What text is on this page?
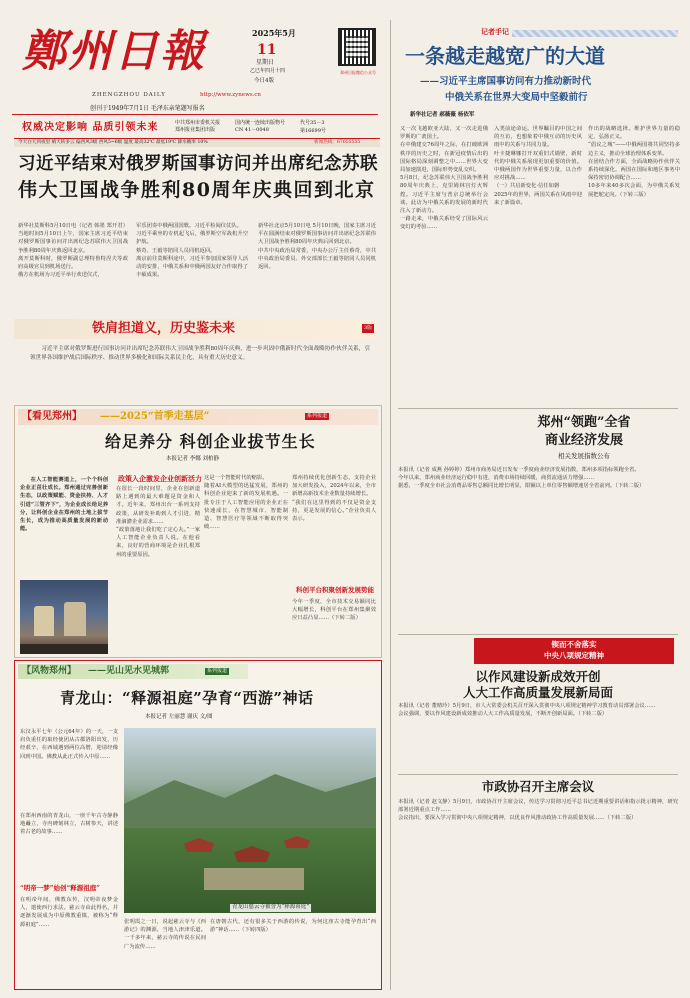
鄭州日報
ZHENGZHOU DAILY	http://www.zynews.cn
2025年5月
11
星期日
乙巳年四月十四
今日4版
郑州日报微信公众号
创刊于1949年7月1日 毛泽东亲笔题写报名
权威决定影响 品质引领未来	中共郑州市委机关报
郑州报业集团出版
国内统一连续出版物号
CN 41－0048
代号35－3
第16699号
今天白天到夜里 晴天转多云 偏西风3级 西风5~6级 温度 最高32℃ 最低19℃ 降水概率 10%	新闻热线：67655555
习近平结束对俄罗斯国事访问并出席纪念苏联
伟大卫国战争胜利80周年庆典回到北京
新华社莫斯科5月10日电（记者 韩墨 郑开君）当地时间5月10日上午，国家主席习近平结束对俄罗斯国事访问并出席纪念苏联伟大卫国战争胜利80周年庆典返回北京。
离开莫斯科时，俄罗斯副总理特鲁特涅夫等政府高级官员到机场送行。
俄方在机场为习近平举行欢送仪式，
军乐团奏中俄两国国歌。习近平检阅仪仗队。
习近平乘坐的专机起飞后，俄罗斯空军战机升空护航。
蔡奇、王毅等陪同人员同机返回。
离京前往莫斯科途中，习近平参加国家领导人活动的安排，中俄关系和中俄两国友好合作取得了丰硕成果。
新华社北京5月10日电 5月10日晚，国家主席习近平在圆满结束对俄罗斯国事访问并出席纪念苏联伟大卫国战争胜利80周年庆典后回到北京。
中共中央政治局常委、中央办公厅主任蔡奇，中共中央政治局委员、外交部部长王毅等陪同人员同机返回。
铁肩担道义，历史鉴未来	3版
习近平主席对俄罗斯进行国事访问并出席纪念苏联伟大卫国战争胜利80周年庆典，进一步巩固中俄新时代全面战略协作伙伴关系，引领世界各国维护战后国际秩序、推动世界多极化和国际关系民主化，具有重大历史意义。
记者手记
一条越走越宽广的大道
——习近平主席国事访问有力推动新时代
中俄关系在世界大变局中坚毅前行
新华社记者 郝薇薇 杨依军
又一次飞越欧亚大陆，又一次走进俄罗斯的广袤国土。
在中俄建交76周年之际，在打破欧洲秩序的历史之时，在新冠疫情后出的国际格局深刻调整之中……世界大变局加速演进，国际形势变乱交织。
5月8日，纪念苏联伟大卫国战争胜利80周年庆典上，克里姆林宫灯火辉煌。习近平主席与普京总统举行会谈。此访为中俄关系的发展的新时代注入了新动力。
一路走来，中俄关系经受了国际风云变幻的考验……
入类前途命运。世界瞩目的中国之间的互访，也想象着中俄互动的历史风雨中的关系与共同力量。
叶卡捷琳娜打开双重旧式墙壁，新时代的中俄关系展现更加重要的价值。中俄两国作为世界重要力量，以合作应对挑战……
（一）共启新变化·信任如磐
2025年的世界，两国关系在风雨中迎来了新篇章。
作出的战略选择。维护世界力量的稳定，弘扬正义。
“倡议之城”——中俄两国将共同坚持多边主义，推动全球治理体系变革。
在团结合作方面，全面战略协作伙伴关系持续深化，两国在国际和地区事务中保持密切协调配合……
10多年来40多次会面，为中俄关系发展把舵定向。（下转三版）
【看见郑州】 ——2025“首季走基层”	系列报道
给足养分 科创企业拔节生长
本报记者 李娜 刘柏静
在人工智能赛道上，一个个科创企业正茁壮成长。郑州通过完善创新生态，以政策赋能、资金扶持、人才引进“三管齐下”，为企业成长给足养分，让科创企业在郑州的土地上拔节生长，成为推动高质量发展的新动能。
政策入企激发企业创新活力
在很长一段时间里，企业在创新道路上遇到的最大难题是资金和人才。近年来，郑州出台一系列支持政策，从研发补助到人才引进，精准滴灌企业需求……
“政策落地让我们吃了定心丸。”一家人工智能企业负责人说。在他看来，良好的营商环境是企业扎根郑州的重要原因。
这是一个智能时代的缩影。
随着AI大模型的迅猛发展，郑州的科创企业迎来了新的发展机遇。一批专注于人工智能应用的企业正在快速成长，在智慧城市、智能制造、智慧医疗等领域不断取得突破……
郑州持续优化创新生态，支持企业加大研发投入，2024年以来，全市新增高新技术企业数量持续增长。
“我们在这里得到的不仅是资金支持，更是发展的信心。”企业负责人表示。
科创平台积聚创新发展势能
今年一季度，全市技术交易额同比大幅增长，科创平台在郑州集聚效应日益凸显……（下转二版）
【风物郑州】 ——见山见水见城郭	系列报道
青龙山：“释源祖庭”孕育“西游”神话
本报记者 左丽慧 谢庆 文/图
东汉永平七年（公元64年）的一天，一支肩负重任的取经使团从古都洛阳出发，历经艰辛，在西域遇到两位高僧，迎请经像回到中国。佛教从此正式传入中原……
在郑州西南的青龙山，一座千年古寺静静地矗立，寺内碑刻林立，古树参天，讲述着古老的故事……
“明帝一梦”始创“释源祖庭”
在明帝年间，佛教东传，汉明帝夜梦金人，遣使西行求法。慈云寺由此得名，并逐渐发展成为中原佛教重镇，被称为“释源祖庭”……
青龙山慈云寺被誉为“释源祖庭”
张明霞之一日，说起慈云寺与《西游记》的渊源，当地人津津乐道。一千多年来，慈云寺的传说在民间广为流传……
在唐朝古代，还有很多关于西游的传说，为何这座古寺能孕育出“西游”神话……（下转四版）
郑州“领跑”全省
商业经济发展
相关发展指数公布
本报讯（记者 成燕 孙婷婷）郑州市商务局近日发布一季度商业经济发展指数，郑州多项指标领跑全省。
今年以来，郑州商业经济运行稳中有进，消费市场持续回暖，商贸流通活力增强……
据悉，一季度全市社会消费品零售总额同比增长明显，限额以上单位零售额增速居全省前列。（下转二版）
锲而不舍落实
中央八项规定精神
以作风建设新成效开创
人大工作高质量发展新局面
本报讯（记者 董晴玲）5月9日，市人大常委会机关召开深入贯彻中央八项规定精神学习教育动员部署会议……
会议强调，要以作风建设新成效推动人大工作高质量发展，不断开创新局面。（下转二版）
市政协召开主席会议
本报讯（记者 赵文静）5月9日，市政协召开主席会议，传达学习贯彻习近平总书记近期重要讲话和指示批示精神，研究部署近期重点工作……
会议指出，要深入学习贯彻中央八项规定精神，以优良作风推动政协工作高质量发展……（下转二版）
